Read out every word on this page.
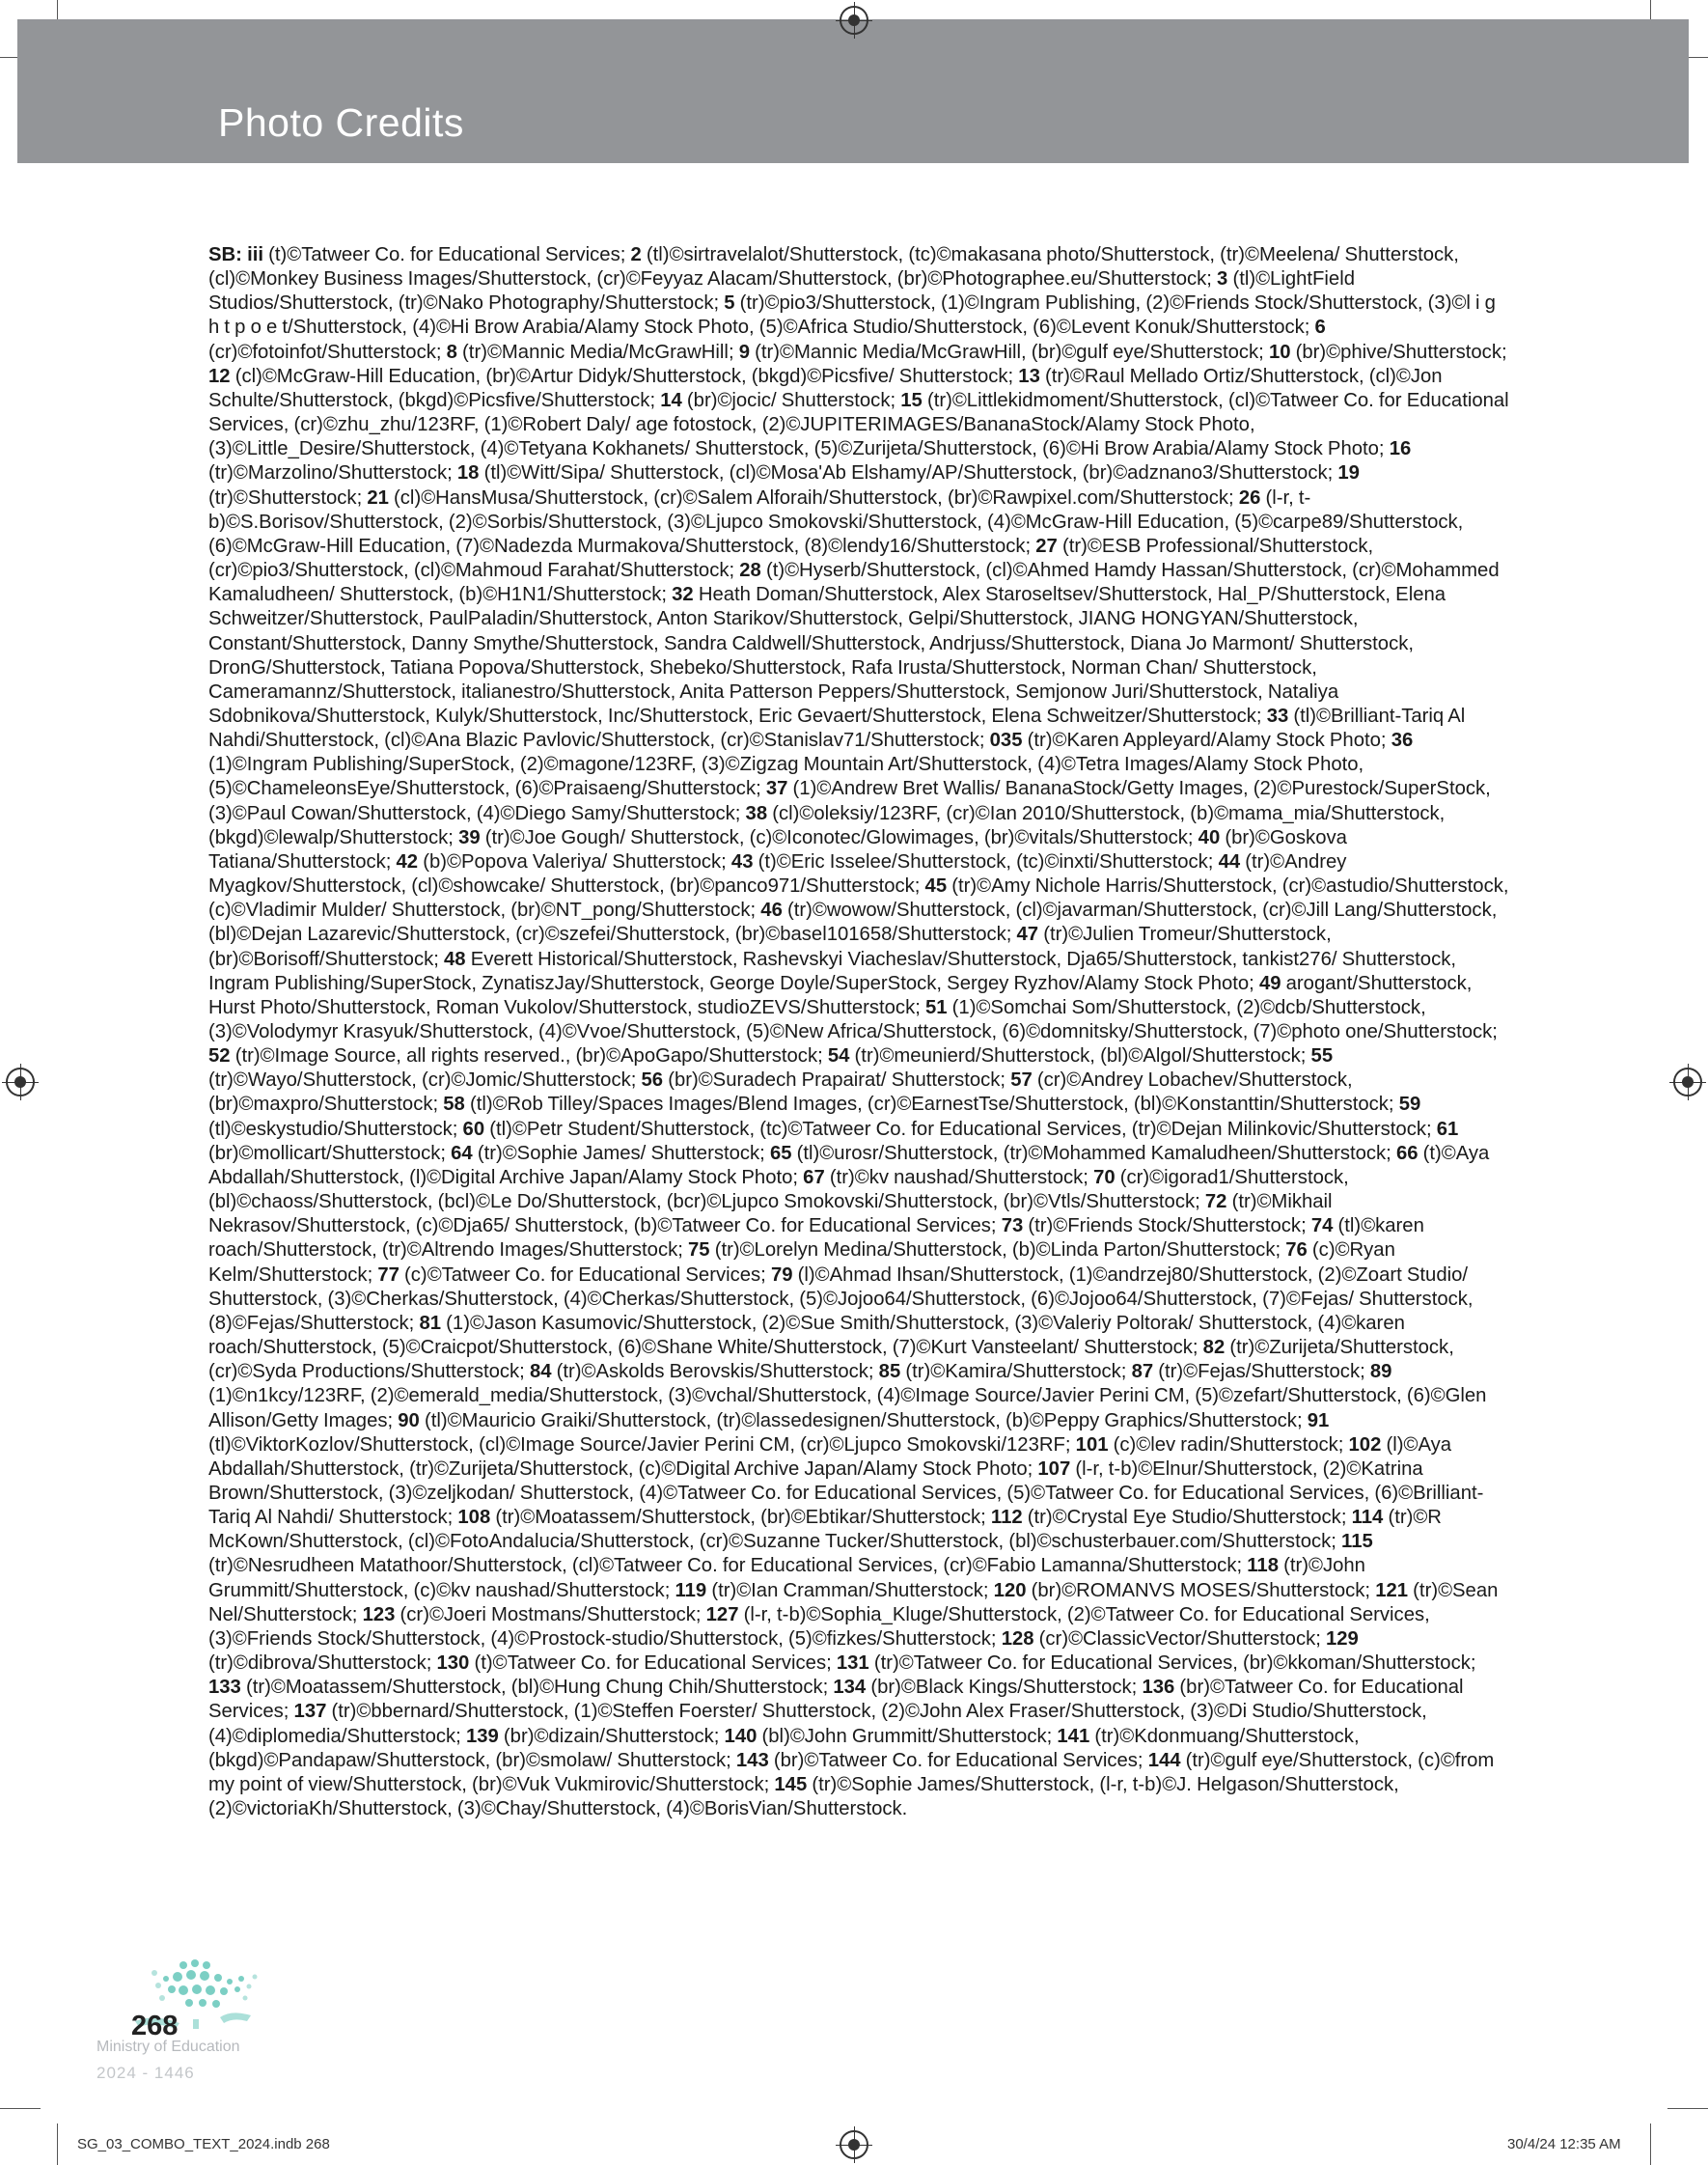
Photo Credits
SB: iii (t)©Tatweer Co. for Educational Services; 2 (tl)©sirtravelalot/Shutterstock, (tc)©makasana photo/Shutterstock, (tr)©Meelena/ Shutterstock, (cl)©Monkey Business Images/Shutterstock, (cr)©Feyyaz Alacam/Shutterstock, (br)©Photographee.eu/Shutterstock; 3 (tl)©LightField Studios/Shutterstock, (tr)©Nako Photography/Shutterstock; 5 (tr)©pio3/Shutterstock, (1)©Ingram Publishing, (2)©Friends Stock/Shutterstock, (3)©l i g h t p o e t/Shutterstock, (4)©Hi Brow Arabia/Alamy Stock Photo, (5)©Africa Studio/Shutterstock, (6)©Levent Konuk/Shutterstock; 6 (cr)©fotoinfot/Shutterstock; 8 (tr)©Mannic Media/McGrawHill; 9 (tr)©Mannic Media/McGrawHill, (br)©gulf eye/Shutterstock; 10 (br)©phive/Shutterstock; 12 (cl)©McGraw-Hill Education, (br)©Artur Didyk/Shutterstock, (bkgd)©Picsfive/ Shutterstock; 13 (tr)©Raul Mellado Ortiz/Shutterstock, (cl)©Jon Schulte/Shutterstock, (bkgd)©Picsfive/Shutterstock; 14 (br)©jocic/ Shutterstock; 15 (tr)©Littlekidmoment/Shutterstock, (cl)©Tatweer Co. for Educational Services, (cr)©zhu_zhu/123RF, (1)©Robert Daly/ age fotostock, (2)©JUPITERIMAGES/BananaStock/Alamy Stock Photo, (3)©Little_Desire/Shutterstock, (4)©Tetyana Kokhanets/ Shutterstock, (5)©Zurijeta/Shutterstock, (6)©Hi Brow Arabia/Alamy Stock Photo; 16 (tr)©Marzolino/Shutterstock; 18 (tl)©Witt/Sipa/ Shutterstock, (cl)©Mosa'Ab Elshamy/AP/Shutterstock, (br)©adznano3/Shutterstock; 19 (tr)©Shutterstock; 21 (cl)©HansMusa/Shutterstock, (cr)©Salem Alforaih/Shutterstock, (br)©Rawpixel.com/Shutterstock; 26 (l-r, t-b)©S.Borisov/Shutterstock, (2)©Sorbis/Shutterstock, (3)©Ljupco Smokovski/Shutterstock, (4)©McGraw-Hill Education, (5)©carpe89/Shutterstock, (6)©McGraw-Hill Education, (7)©Nadezda Murmakova/Shutterstock, (8)©lendy16/Shutterstock; 27 (tr)©ESB Professional/Shutterstock, (cr)©pio3/Shutterstock, (cl)©Mahmoud Farahat/Shutterstock; 28 (t)©Hyserb/Shutterstock, (cl)©Ahmed Hamdy Hassan/Shutterstock, (cr)©Mohammed Kamaludheen/ Shutterstock, (b)©H1N1/Shutterstock; 32 Heath Doman/Shutterstock, Alex Staroseltsev/Shutterstock, Hal_P/Shutterstock, Elena Schweitzer/Shutterstock, PaulPaladin/Shutterstock, Anton Starikov/Shutterstock, Gelpi/Shutterstock, JIANG HONGYAN/Shutterstock, Constant/Shutterstock, Danny Smythe/Shutterstock, Sandra Caldwell/Shutterstock, Andrjuss/Shutterstock, Diana Jo Marmont/ Shutterstock, DronG/Shutterstock, Tatiana Popova/Shutterstock, Shebeko/Shutterstock, Rafa Irusta/Shutterstock, Norman Chan/ Shutterstock, Cameramannz/Shutterstock, italianestro/Shutterstock, Anita Patterson Peppers/Shutterstock, Semjonow Juri/Shutterstock, Nataliya Sdobnikova/Shutterstock, Kulyk/Shutterstock, Inc/Shutterstock, Eric Gevaert/Shutterstock, Elena Schweitzer/Shutterstock; 33 (tl)©Brilliant-Tariq Al Nahdi/Shutterstock, (cl)©Ana Blazic Pavlovic/Shutterstock, (cr)©Stanislav71/Shutterstock; 035 (tr)©Karen Appleyard/Alamy Stock Photo; 36 (1)©Ingram Publishing/SuperStock, (2)©magone/123RF, (3)©Zigzag Mountain Art/Shutterstock, (4)©Tetra Images/Alamy Stock Photo, (5)©ChameleonsEye/Shutterstock, (6)©Praisaeng/Shutterstock; 37 (1)©Andrew Bret Wallis/ BananaStock/Getty Images, (2)©Purestock/SuperStock, (3)©Paul Cowan/Shutterstock, (4)©Diego Samy/Shutterstock; 38 (cl)©oleksiy/123RF, (cr)©Ian 2010/Shutterstock, (b)©mama_mia/Shutterstock, (bkgd)©lewalp/Shutterstock; 39 (tr)©Joe Gough/ Shutterstock, (c)©Iconotec/Glowimages, (br)©vitals/Shutterstock; 40 (br)©Goskova Tatiana/Shutterstock; 42 (b)©Popova Valeriya/ Shutterstock; 43 (t)©Eric Isselee/Shutterstock, (tc)©inxti/Shutterstock; 44 (tr)©Andrey Myagkov/Shutterstock, (cl)©showcake/ Shutterstock, (br)©panco971/Shutterstock; 45 (tr)©Amy Nichole Harris/Shutterstock, (cr)©astudio/Shutterstock, (c)©Vladimir Mulder/ Shutterstock, (br)©NT_pong/Shutterstock; 46 (tr)©wowow/Shutterstock, (cl)©javarman/Shutterstock, (cr)©Jill Lang/Shutterstock, (bl)©Dejan Lazarevic/Shutterstock, (cr)©szefei/Shutterstock, (br)©basel101658/Shutterstock; 47 (tr)©Julien Tromeur/Shutterstock, (br)©Borisoff/Shutterstock; 48 Everett Historical/Shutterstock, Rashevskyi Viacheslav/Shutterstock, Dja65/Shutterstock, tankist276/ Shutterstock, Ingram Publishing/SuperStock, ZynatiszJay/Shutterstock, George Doyle/SuperStock, Sergey Ryzhov/Alamy Stock Photo; 49 arogant/Shutterstock, Hurst Photo/Shutterstock, Roman Vukolov/Shutterstock, studioZEVS/Shutterstock; 51 (1)©Somchai Som/Shutterstock, (2)©dcb/Shutterstock, (3)©Volodymyr Krasyuk/Shutterstock, (4)©Vvoe/Shutterstock, (5)©New Africa/Shutterstock, (6)©domnitsky/Shutterstock, (7)©photo one/Shutterstock; 52 (tr)©Image Source, all rights reserved., (br)©ApoGapo/Shutterstock; 54 (tr)©meunierd/Shutterstock, (bl)©Algol/Shutterstock; 55 (tr)©Wayo/Shutterstock, (cr)©Jomic/Shutterstock; 56 (br)©Suradech Prapairat/ Shutterstock; 57 (cr)©Andrey Lobachev/Shutterstock, (br)©maxpro/Shutterstock; 58 (tl)©Rob Tilley/Spaces Images/Blend Images, (cr)©EarnestTse/Shutterstock, (bl)©Konstanttin/Shutterstock; 59 (tl)©eskystudio/Shutterstock; 60 (tl)©Petr Student/Shutterstock, (tc)©Tatweer Co. for Educational Services, (tr)©Dejan Milinkovic/Shutterstock; 61 (br)©mollicart/Shutterstock; 64 (tr)©Sophie James/ Shutterstock; 65 (tl)©urosr/Shutterstock, (tr)©Mohammed Kamaludheen/Shutterstock; 66 (t)©Aya Abdallah/Shutterstock, (l)©Digital Archive Japan/Alamy Stock Photo; 67 (tr)©kv naushad/Shutterstock; 70 (cr)©igorad1/Shutterstock, (bl)©chaoss/Shutterstock, (bcl)©Le Do/Shutterstock, (bcr)©Ljupco Smokovski/Shutterstock, (br)©Vtls/Shutterstock; 72 (tr)©Mikhail Nekrasov/Shutterstock, (c)©Dja65/ Shutterstock, (b)©Tatweer Co. for Educational Services; 73 (tr)©Friends Stock/Shutterstock; 74 (tl)©karen roach/Shutterstock, (tr)©Altrendo Images/Shutterstock; 75 (tr)©Lorelyn Medina/Shutterstock, (b)©Linda Parton/Shutterstock; 76 (c)©Ryan Kelm/Shutterstock; 77 (c)©Tatweer Co. for Educational Services; 79 (l)©Ahmad Ihsan/Shutterstock, (1)©andrzej80/Shutterstock, (2)©Zoart Studio/ Shutterstock, (3)©Cherkas/Shutterstock, (4)©Cherkas/Shutterstock, (5)©Jojoo64/Shutterstock, (6)©Jojoo64/Shutterstock, (7)©Fejas/ Shutterstock, (8)©Fejas/Shutterstock; 81 (1)©Jason Kasumovic/Shutterstock, (2)©Sue Smith/Shutterstock, (3)©Valeriy Poltorak/ Shutterstock, (4)©karen roach/Shutterstock, (5)©Craicpot/Shutterstock, (6)©Shane White/Shutterstock, (7)©Kurt Vansteelant/ Shutterstock; 82 (tr)©Zurijeta/Shutterstock, (cr)©Syda Productions/Shutterstock; 84 (tr)©Askolds Berovskis/Shutterstock; 85 (tr)©Kamira/Shutterstock; 87 (tr)©Fejas/Shutterstock; 89 (1)©n1kcy/123RF, (2)©emerald_media/Shutterstock, (3)©vchal/Shutterstock, (4)©Image Source/Javier Perini CM, (5)©zefart/Shutterstock, (6)©Glen Allison/Getty Images; 90 (tl)©Mauricio Graiki/Shutterstock, (tr)©lassedesignen/Shutterstock, (b)©Peppy Graphics/Shutterstock; 91 (tl)©ViktorKozlov/Shutterstock, (cl)©Image Source/Javier Perini CM, (cr)©Ljupco Smokovski/123RF; 101 (c)©lev radin/Shutterstock; 102 (l)©Aya Abdallah/Shutterstock, (tr)©Zurijeta/Shutterstock, (c)©Digital Archive Japan/Alamy Stock Photo; 107 (l-r, t-b)©Elnur/Shutterstock, (2)©Katrina Brown/Shutterstock, (3)©zeljkodan/ Shutterstock, (4)©Tatweer Co. for Educational Services, (5)©Tatweer Co. for Educational Services, (6)©Brilliant-Tariq Al Nahdi/ Shutterstock; 108 (tr)©Moatassem/Shutterstock, (br)©Ebtikar/Shutterstock; 112 (tr)©Crystal Eye Studio/Shutterstock; 114 (tr)©R McKown/Shutterstock, (cl)©FotoAndalucia/Shutterstock, (cr)©Suzanne Tucker/Shutterstock, (bl)©schusterbauer.com/Shutterstock; 115 (tr)©Nesrudheen Matathoor/Shutterstock, (cl)©Tatweer Co. for Educational Services, (cr)©Fabio Lamanna/Shutterstock; 118 (tr)©John Grummitt/Shutterstock, (c)©kv naushad/Shutterstock; 119 (tr)©Ian Cramman/Shutterstock; 120 (br)©ROMANVS MOSES/Shutterstock; 121 (tr)©Sean Nel/Shutterstock; 123 (cr)©Joeri Mostmans/Shutterstock; 127 (l-r, t-b)©Sophia_Kluge/Shutterstock, (2)©Tatweer Co. for Educational Services, (3)©Friends Stock/Shutterstock, (4)©Prostock-studio/Shutterstock, (5)©fizkes/Shutterstock; 128 (cr)©ClassicVector/Shutterstock; 129 (tr)©dibrova/Shutterstock; 130 (t)©Tatweer Co. for Educational Services; 131 (tr)©Tatweer Co. for Educational Services, (br)©kkoman/Shutterstock; 133 (tr)©Moatassem/Shutterstock, (bl)©Hung Chung Chih/Shutterstock; 134 (br)©Black Kings/Shutterstock; 136 (br)©Tatweer Co. for Educational Services; 137 (tr)©bbernard/Shutterstock, (1)©Steffen Foerster/ Shutterstock, (2)©John Alex Fraser/Shutterstock, (3)©Di Studio/Shutterstock, (4)©diplomedia/Shutterstock; 139 (br)©dizain/Shutterstock; 140 (bl)©John Grummitt/Shutterstock; 141 (tr)©Kdonmuang/Shutterstock, (bkgd)©Pandapaw/Shutterstock, (br)©smolaw/ Shutterstock; 143 (br)©Tatweer Co. for Educational Services; 144 (tr)©gulf eye/Shutterstock, (c)©from my point of view/Shutterstock, (br)©Vuk Vukmirovic/Shutterstock; 145 (tr)©Sophie James/Shutterstock, (l-r, t-b)©J. Helgason/Shutterstock, (2)©victoriaKh/Shutterstock, (3)©Chay/Shutterstock, (4)©BorisVian/Shutterstock.
268
Ministry of Education
2024 - 1446
SG_03_COMBO_TEXT_2024.indb 268	30/4/24 12:35 AM
